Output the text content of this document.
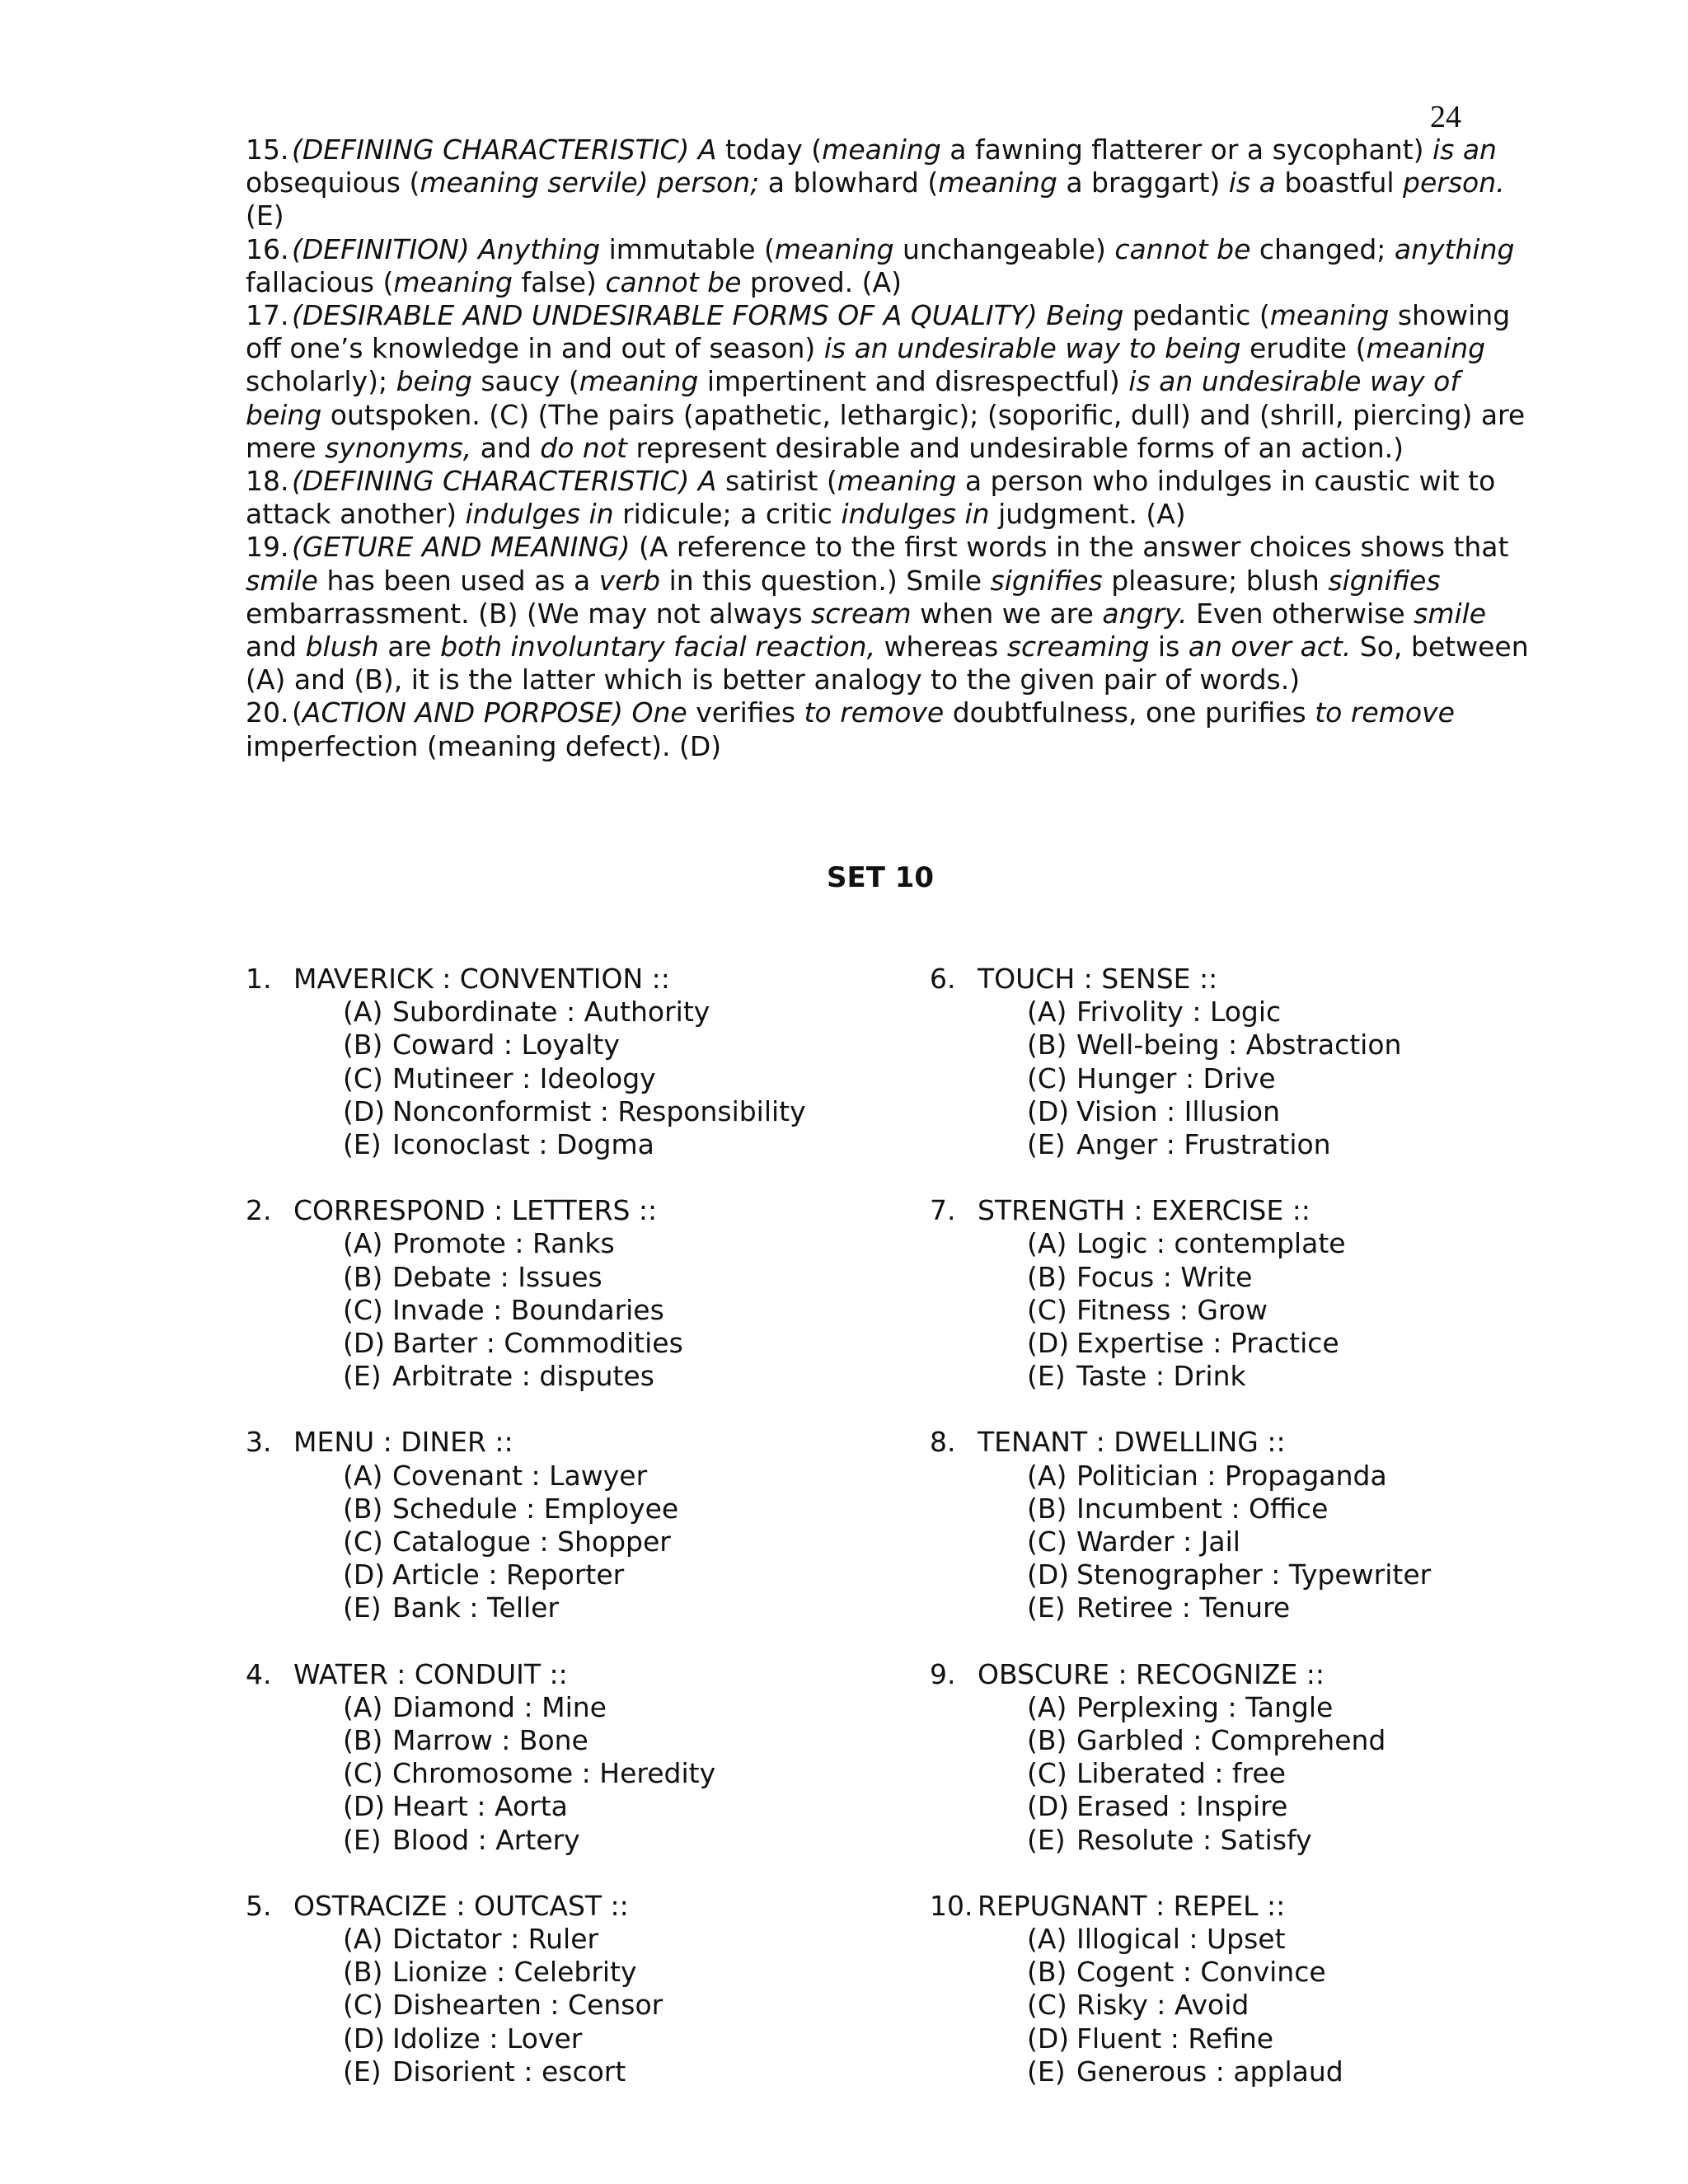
24

15. (DEFINING CHARACTERISTIC) A today (meaning a fawning flatterer or a sycophant) is an obsequious (meaning servile) person; a blowhard (meaning a braggart) is a boastful person. (E)

16. (DEFINITION) Anything immutable (meaning unchangeable) cannot be changed; anything fallacious (meaning false) cannot be proved. (A)

17. (DESIRABLE AND UNDESIRABLE FORMS OF A QUALITY) Being pedantic (meaning showing off one’s knowledge in and out of season) is an undesirable way to being erudite (meaning scholarly); being saucy (meaning impertinent and disrespectful) is an undesirable way of being outspoken. (C) (The pairs (apathetic, lethargic); (soporific, dull) and (shrill, piercing) are mere synonyms, and do not represent desirable and undesirable forms of an action.)

18. (DEFINING CHARACTERISTIC) A satirist (meaning a person who indulges in caustic wit to attack another) indulges in ridicule; a critic indulges in judgment. (A)

19. (GETURE AND MEANING) (A reference to the first words in the answer choices shows that smile has been used as a verb in this question.) Smile signifies pleasure; blush signifies embarrassment. (B) (We may not always scream when we are angry. Even otherwise smile and blush are both involuntary facial reaction, whereas screaming is an over act. So, between (A) and (B), it is the latter which is better analogy to the given pair of words.)

20. (ACTION AND PORPOSE) One verifies to remove doubtfulness, one purifies to remove imperfection (meaning defect). (D)

SET 10
1. MAVERICK : CONVENTION ::
(A) Subordinate : Authority
(B) Coward : Loyalty
(C) Mutineer : Ideology
(D) Nonconformist : Responsibility
(E) Iconoclast : Dogma
2. CORRESPOND : LETTERS ::
(A) Promote : Ranks
(B) Debate : Issues
(C) Invade : Boundaries
(D) Barter : Commodities
(E) Arbitrate : disputes
3. MENU : DINER ::
(A) Covenant : Lawyer
(B) Schedule : Employee
(C) Catalogue : Shopper
(D) Article : Reporter
(E) Bank : Teller
4. WATER : CONDUIT ::
(A) Diamond : Mine
(B) Marrow : Bone
(C) Chromosome : Heredity
(D) Heart : Aorta
(E) Blood : Artery
5. OSTRACIZE : OUTCAST ::
(A) Dictator : Ruler
(B) Lionize : Celebrity
(C) Dishearten : Censor
(D) Idolize : Lover
(E) Disorient : escort
6. TOUCH : SENSE ::
(A) Frivolity : Logic
(B) Well-being : Abstraction
(C) Hunger : Drive
(D) Vision : Illusion
(E) Anger : Frustration
7. STRENGTH : EXERCISE ::
(A) Logic : contemplate
(B) Focus : Write
(C) Fitness : Grow
(D) Expertise : Practice
(E) Taste : Drink
8. TENANT : DWELLING ::
(A) Politician : Propaganda
(B) Incumbent : Office
(C) Warder : Jail
(D) Stenographer : Typewriter
(E) Retiree : Tenure
9. OBSCURE : RECOGNIZE ::
(A) Perplexing : Tangle
(B) Garbled : Comprehend
(C) Liberated : free
(D) Erased : Inspire
(E) Resolute : Satisfy
10. REPUGNANT : REPEL ::
(A) Illogical : Upset
(B) Cogent : Convince
(C) Risky : Avoid
(D) Fluent : Refine
(E) Generous : applaud
